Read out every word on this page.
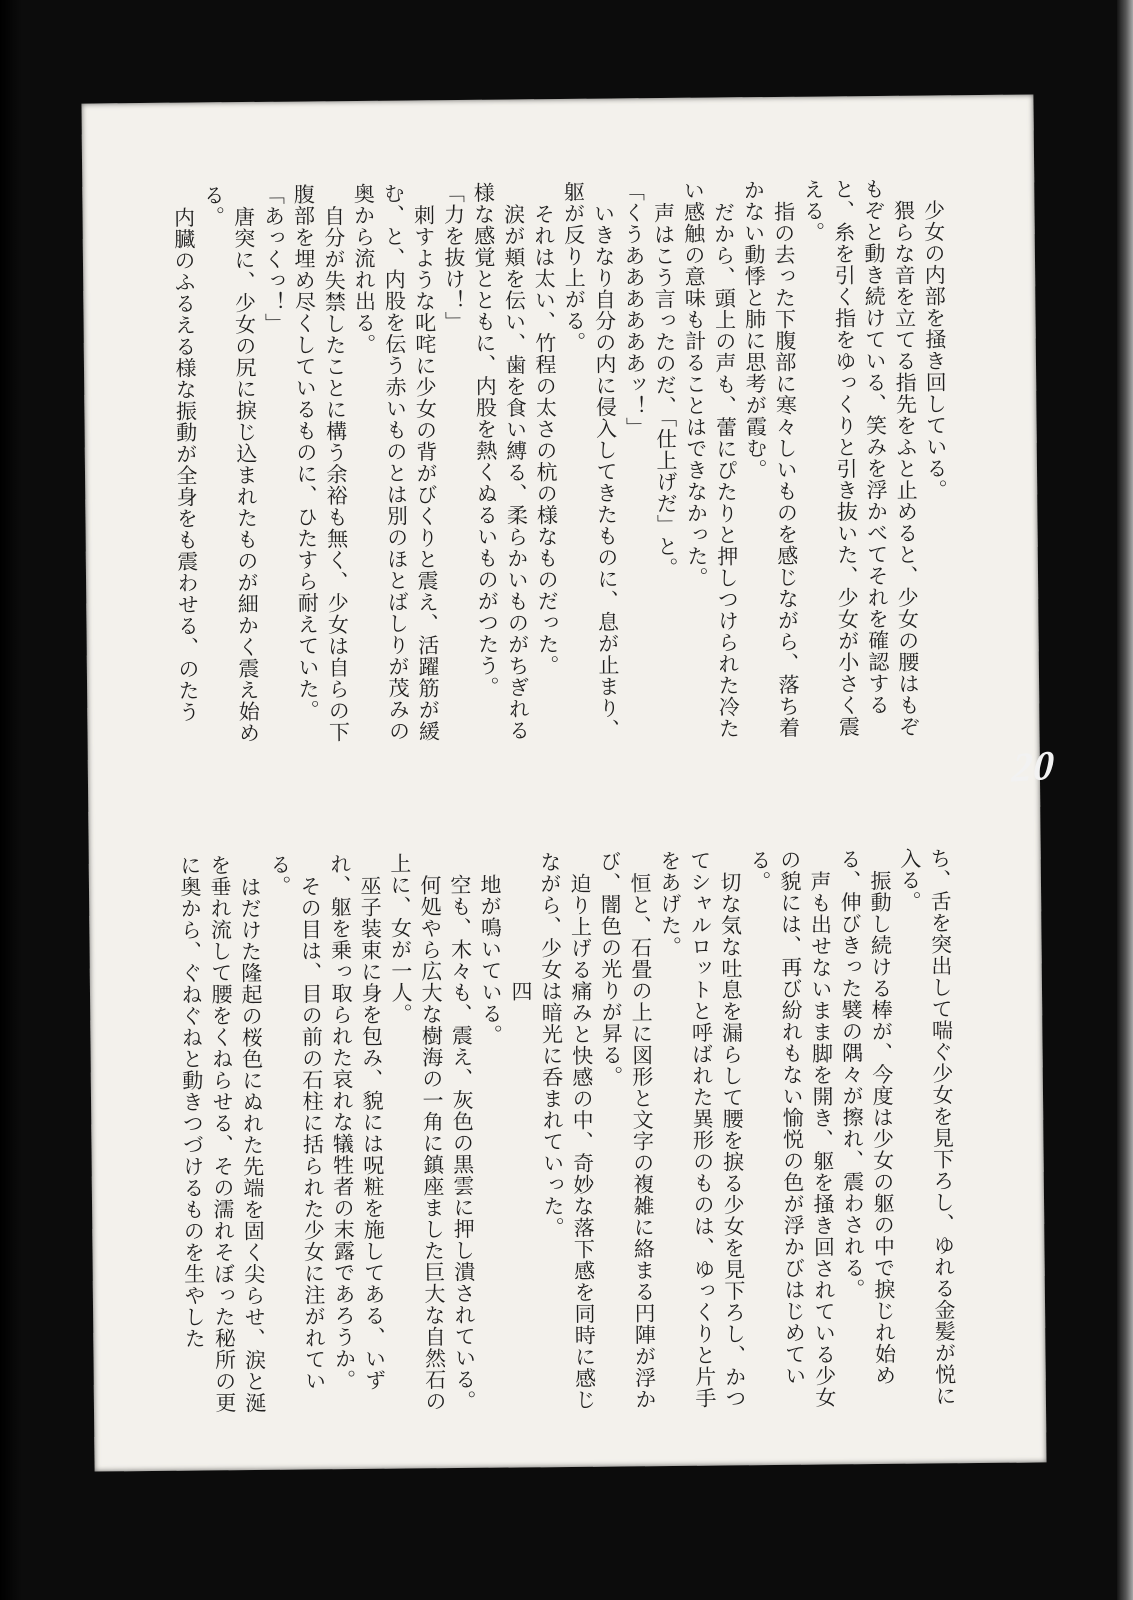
少女の内部を掻き回している。

猥らな音を立てる指先をふと止めると、少女の腰はもぞもぞと動き続けている、笑みを浮かべてそれを確認すると、糸を引く指をゆっくりと引き抜いた、少女が小さく震える。

指の去った下腹部に寒々しいものを感じながら、落ち着かない動悸と肺に思考が霞む。

だから、頭上の声も、蕾にぴたりと押しつけられた冷たい感触の意味も計ることはできなかった。

声はこう言ったのだ、「仕上げだ」と。

「くうああああああッ！」

いきなり自分の内に侵入してきたものに、息が止まり、躯が反り上がる。

それは太い、竹程の太さの杭の様なものだった。

涙が頬を伝い、歯を食い縛る、柔らかいものがちぎれる様な感覚とともに、内股を熱くぬるいものがつたう。

「力を抜け！」

刺すような叱咤に少女の背がびくりと震え、活躍筋が緩む、と、内股を伝う赤いものとは別のほとばしりが茂みの奥から流れ出る。

自分が失禁したことに構う余裕も無く、少女は自らの下腹部を埋め尽くしているものに、ひたすら耐えていた。

「あっくっ！」

唐突に、少女の尻に捩じ込まれたものが細かく震え始める。

内臓のふるえる様な振動が全身をも震わせる、のたう

ち、舌を突出して喘ぐ少女を見下ろし、ゆれる金髪が悦に入る。

振動し続ける棒が、今度は少女の躯の中で捩じれ始める、伸びきった襞の隅々が擦れ、震わされる。

声も出せないまま脚を開き、躯を掻き回されている少女の貌には、再び紛れもない愉悦の色が浮かびはじめている。

切な気な吐息を漏らして腰を捩る少女を見下ろし、かつてシャルロットと呼ばれた異形のものは、ゆっくりと片手をあげた。

恒と、石畳の上に図形と文字の複雑に絡まる円陣が浮かび、闇色の光りが昇る。

迫り上げる痛みと快感の中、奇妙な落下感を同時に感じながら、少女は暗光に呑まれていった。

四

地が鳴いている。

空も、木々も、震え、灰色の黒雲に押し潰されている。

何処やら広大な樹海の一角に鎮座ました巨大な自然石の上に、女が一人。

巫子装束に身を包み、貌には呪粧を施してある、いずれ、躯を乗っ取られた哀れな犠牲者の末露であろうか。

その目は、目の前の石柱に括られた少女に注がれている。

はだけた隆起の桜色にぬれた先端を固く尖らせ、涙と涎を垂れ流して腰をくねらせる、その濡れそぼった秘所の更に奥から、ぐねぐねと動きつづけるものを生やした

20
